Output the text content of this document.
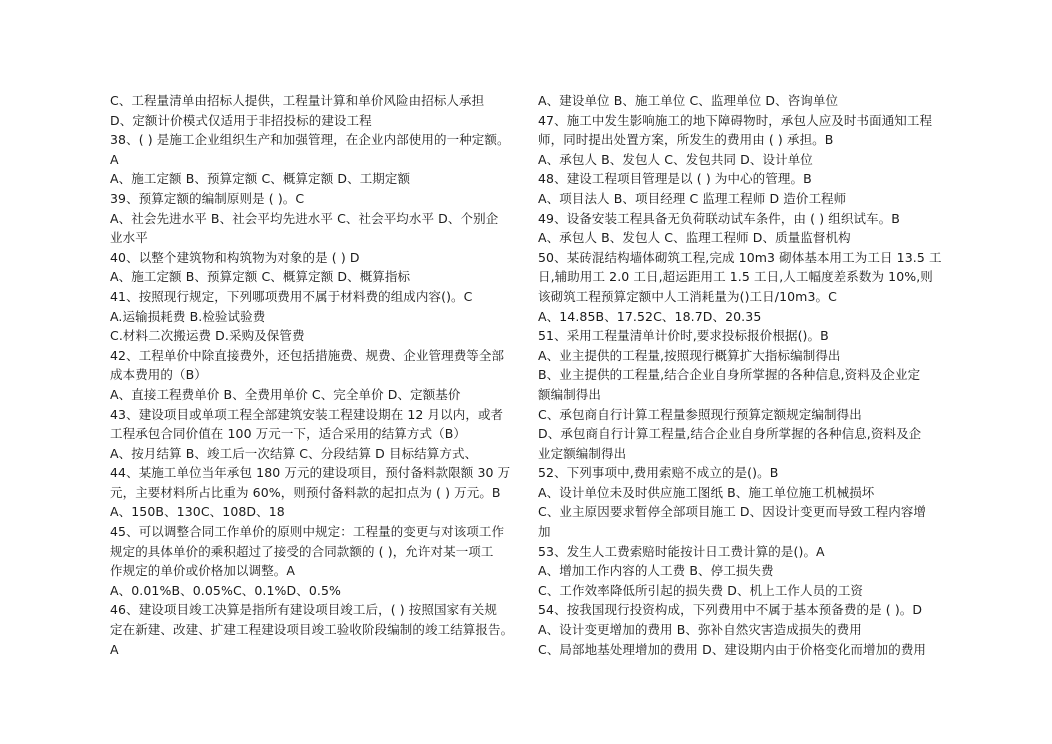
C、工程量清单由招标人提供，工程量计算和单价风险由招标人承担
D、定额计价模式仅适用于非招投标的建设工程
38、( ) 是施工企业组织生产和加强管理，在企业内部使用的一种定额。
A
A、施工定额 B、预算定额 C、概算定额 D、工期定额
39、预算定额的编制原则是 ( )。C
A、社会先进水平 B、社会平均先进水平 C、社会平均水平 D、个别企
业水平
40、以整个建筑物和构筑物为对象的是 ( ) D
A、施工定额 B、预算定额 C、概算定额 D、概算指标
41、按照现行规定，下列哪项费用不属于材料费的组成内容()。C
A.运输损耗费 B.检验试验费
C.材料二次搬运费 D.采购及保管费
42、工程单价中除直接费外，还包括措施费、规费、企业管理费等全部
成本费用的（B）
A、直接工程费单价 B、全费用单价 C、完全单价 D、定额基价
43、建设项目或单项工程全部建筑安装工程建设期在 12 月以内，或者
工程承包合同价值在 100 万元一下，适合采用的结算方式（B）
A、按月结算 B、竣工后一次结算 C、分段结算 D 目标结算方式、
44、某施工单位当年承包 180 万元的建设项目，预付备料款限额 30 万
元，主要材料所占比重为 60%，则预付备料款的起扣点为 ( ) 万元。B
A、150B、130C、108D、18
45、可以调整合同工作单价的原则中规定：工程量的变更与对该项工作
规定的具体单价的乘积超过了接受的合同款额的 ( )，允许对某一项工
作规定的单价或价格加以调整。A
A、0.01%B、0.05%C、0.1%D、0.5%
46、建设项目竣工决算是指所有建设项目竣工后，( ) 按照国家有关规
定在新建、改建、扩建工程建设项目竣工验收阶段编制的竣工结算报告。
A
A、建设单位 B、施工单位 C、监理单位 D、咨询单位
47、施工中发生影响施工的地下障碍物时，承包人应及时书面通知工程
师，同时提出处置方案，所发生的费用由 ( ) 承担。B
A、承包人 B、发包人 C、发包共同 D、设计单位
48、建设工程项目管理是以 ( ) 为中心的管理。B
A、项目法人 B、项目经理 C 监理工程师 D 造价工程师
49、设备安装工程具备无负荷联动试车条件，由 ( ) 组织试车。B
A、承包人 B、发包人 C、监理工程师 D、质量监督机构
50、某砖混结构墙体砌筑工程,完成 10m3 砌体基本用工为工日 13.5 工
日,辅助用工 2.0 工日,超运距用工 1.5 工日,人工幅度差系数为 10%,则
该砌筑工程预算定额中人工消耗量为()工日/10m3。C
A、14.85B、17.52C、18.7D、20.35
51、采用工程量清单计价时,要求投标报价根据()。B
A、业主提供的工程量,按照现行概算扩大指标编制得出
B、业主提供的工程量,结合企业自身所掌握的各种信息,资料及企业定
额编制得出
C、承包商自行计算工程量参照现行预算定额规定编制得出
D、承包商自行计算工程量,结合企业自身所掌握的各种信息,资料及企
业定额编制得出
52、下列事项中,费用索赔不成立的是()。B
A、设计单位未及时供应施工图纸 B、施工单位施工机械损坏
C、业主原因要求暂停全部项目施工 D、因设计变更而导致工程内容增
加
53、发生人工费索赔时能按计日工费计算的是()。A
A、增加工作内容的人工费 B、停工损失费
C、工作效率降低所引起的损失费 D、机上工作人员的工资
54、按我国现行投资构成，下列费用中不属于基本预备费的是 ( )。D
A、设计变更增加的费用 B、弥补自然灾害造成损失的费用
C、局部地基处理增加的费用 D、建设期内由于价格变化而增加的费用
